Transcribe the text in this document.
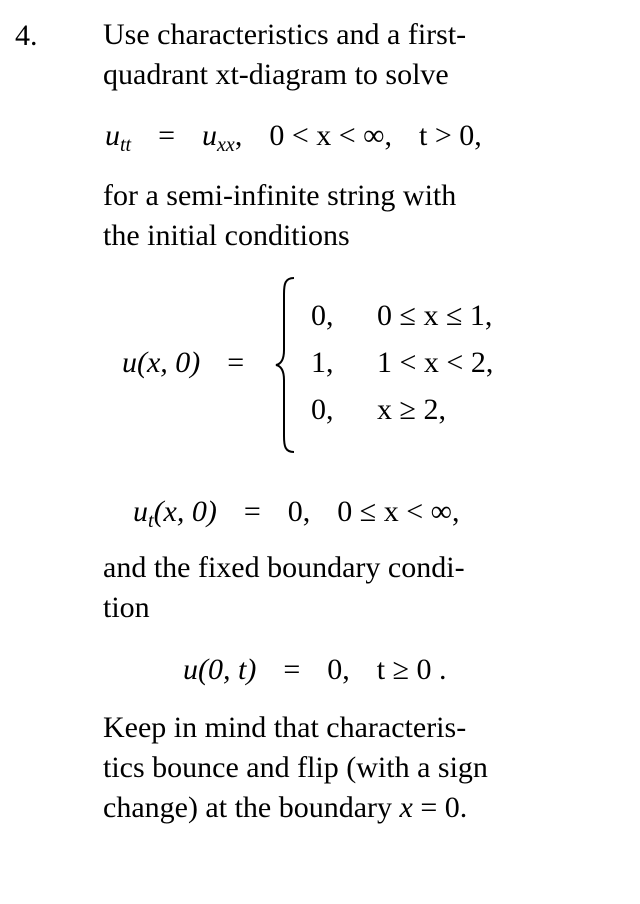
4. Use characteristics and a first-
quadrant xt-diagram to solve
$u_{tt} = u_{xx}$, 0 < x < ∞, t > 0,
for a semi-infinite string with
the initial conditions
u(x, 0) =
0,	0 ≤ x ≤ 1,
1, 1 < x < 2,
0, x ≥ 2,
$u_t(x$, 0) = 0, 0 ≤ x < ∞,
and the fixed boundary condi-
tion
u(0, t) = 0, t ≥ 0 .
Keep in mind that characteris-
tics bounce and flip (with a sign
change) at the boundary x = 0.
